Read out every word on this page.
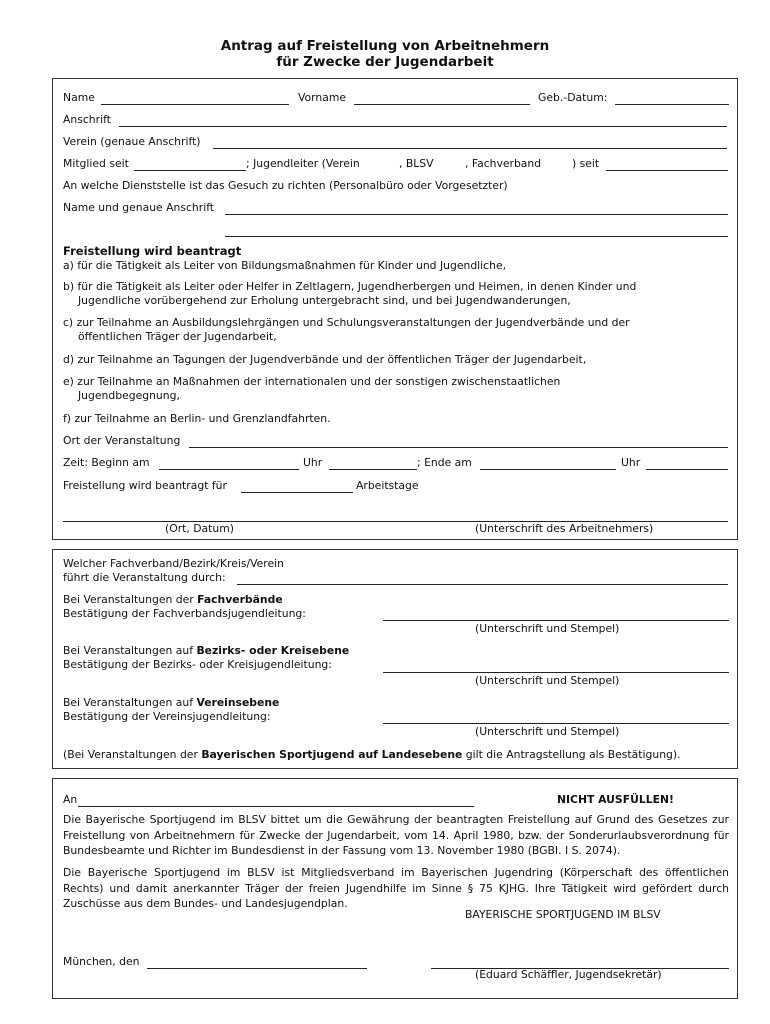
Antrag auf Freistellung von Arbeitnehmern
für Zwecke der Jugendarbeit
Name	Vorname	Geb.-Datum:
Anschrift
Verein (genaue Anschrift)
Mitglied seit	; Jugendleiter (Verein	, BLSV	, Fachverband	) seit
An welche Dienststelle ist das Gesuch zu richten (Personalbüro oder Vorgesetzter)
Name und genaue Anschrift
Freistellung wird beantragt
a) für die Tätigkeit als Leiter von Bildungsmaßnahmen für Kinder und Jugendliche,
b) für die Tätigkeit als Leiter oder Helfer in Zeltlagern, Jugendherbergen und Heimen, in denen Kinder und
Jugendliche vorübergehend zur Erholung untergebracht sind, und bei Jugendwanderungen,
c) zur Teilnahme an Ausbildungslehrgängen und Schulungsveranstaltungen der Jugendverbände und der
öffentlichen Träger der Jugendarbeit,
d) zur Teilnahme an Tagungen der Jugendverbände und der öffentlichen Träger der Jugendarbeit,
e) zur Teilnahme an Maßnahmen der internationalen und der sonstigen zwischenstaatlichen
Jugendbegegnung,
f) zur Teilnahme an Berlin- und Grenzlandfahrten.
Ort der Veranstaltung
Zeit: Beginn am	Uhr	; Ende am	Uhr
Freistellung wird beantragt für	Arbeitstage
(Ort, Datum)	(Unterschrift des Arbeitnehmers)
Welcher Fachverband/Bezirk/Kreis/Verein
führt die Veranstaltung durch:
Bei Veranstaltungen der Fachverbände
Bestätigung der Fachverbandsjugendleitung:
(Unterschrift und Stempel)
Bei Veranstaltungen auf Bezirks- oder Kreisebene
Bestätigung der Bezirks- oder Kreisjugendleitung:
(Unterschrift und Stempel)
Bei Veranstaltungen auf Vereinsebene
Bestätigung der Vereinsjugendleitung:
(Unterschrift und Stempel)
(Bei Veranstaltungen der Bayerischen Sportjugend auf Landesebene gilt die Antragstellung als Bestätigung).
An	NICHT AUSFÜLLEN!
Die Bayerische Sportjugend im BLSV bittet um die Gewährung der beantragten Freistellung auf Grund des Gesetzes zur Freistellung von Arbeitnehmern für Zwecke der Jugendarbeit, vom 14. April 1980, bzw. der Sonderurlaubsverordnung für Bundesbeamte und Richter im Bundesdienst in der Fassung vom 13. November 1980 (BGBI. I S. 2074).
Die Bayerische Sportjugend im BLSV ist Mitgliedsverband im Bayerischen Jugendring (Körperschaft des öffentlichen Rechts) und damit anerkannter Träger der freien Jugendhilfe im Sinne § 75 KJHG. Ihre Tätigkeit wird gefördert durch Zuschüsse aus dem Bundes- und Landesjugendplan.
BAYERISCHE SPORTJUGEND IM BLSV
München, den
(Eduard Schäffler, Jugendsekretär)
